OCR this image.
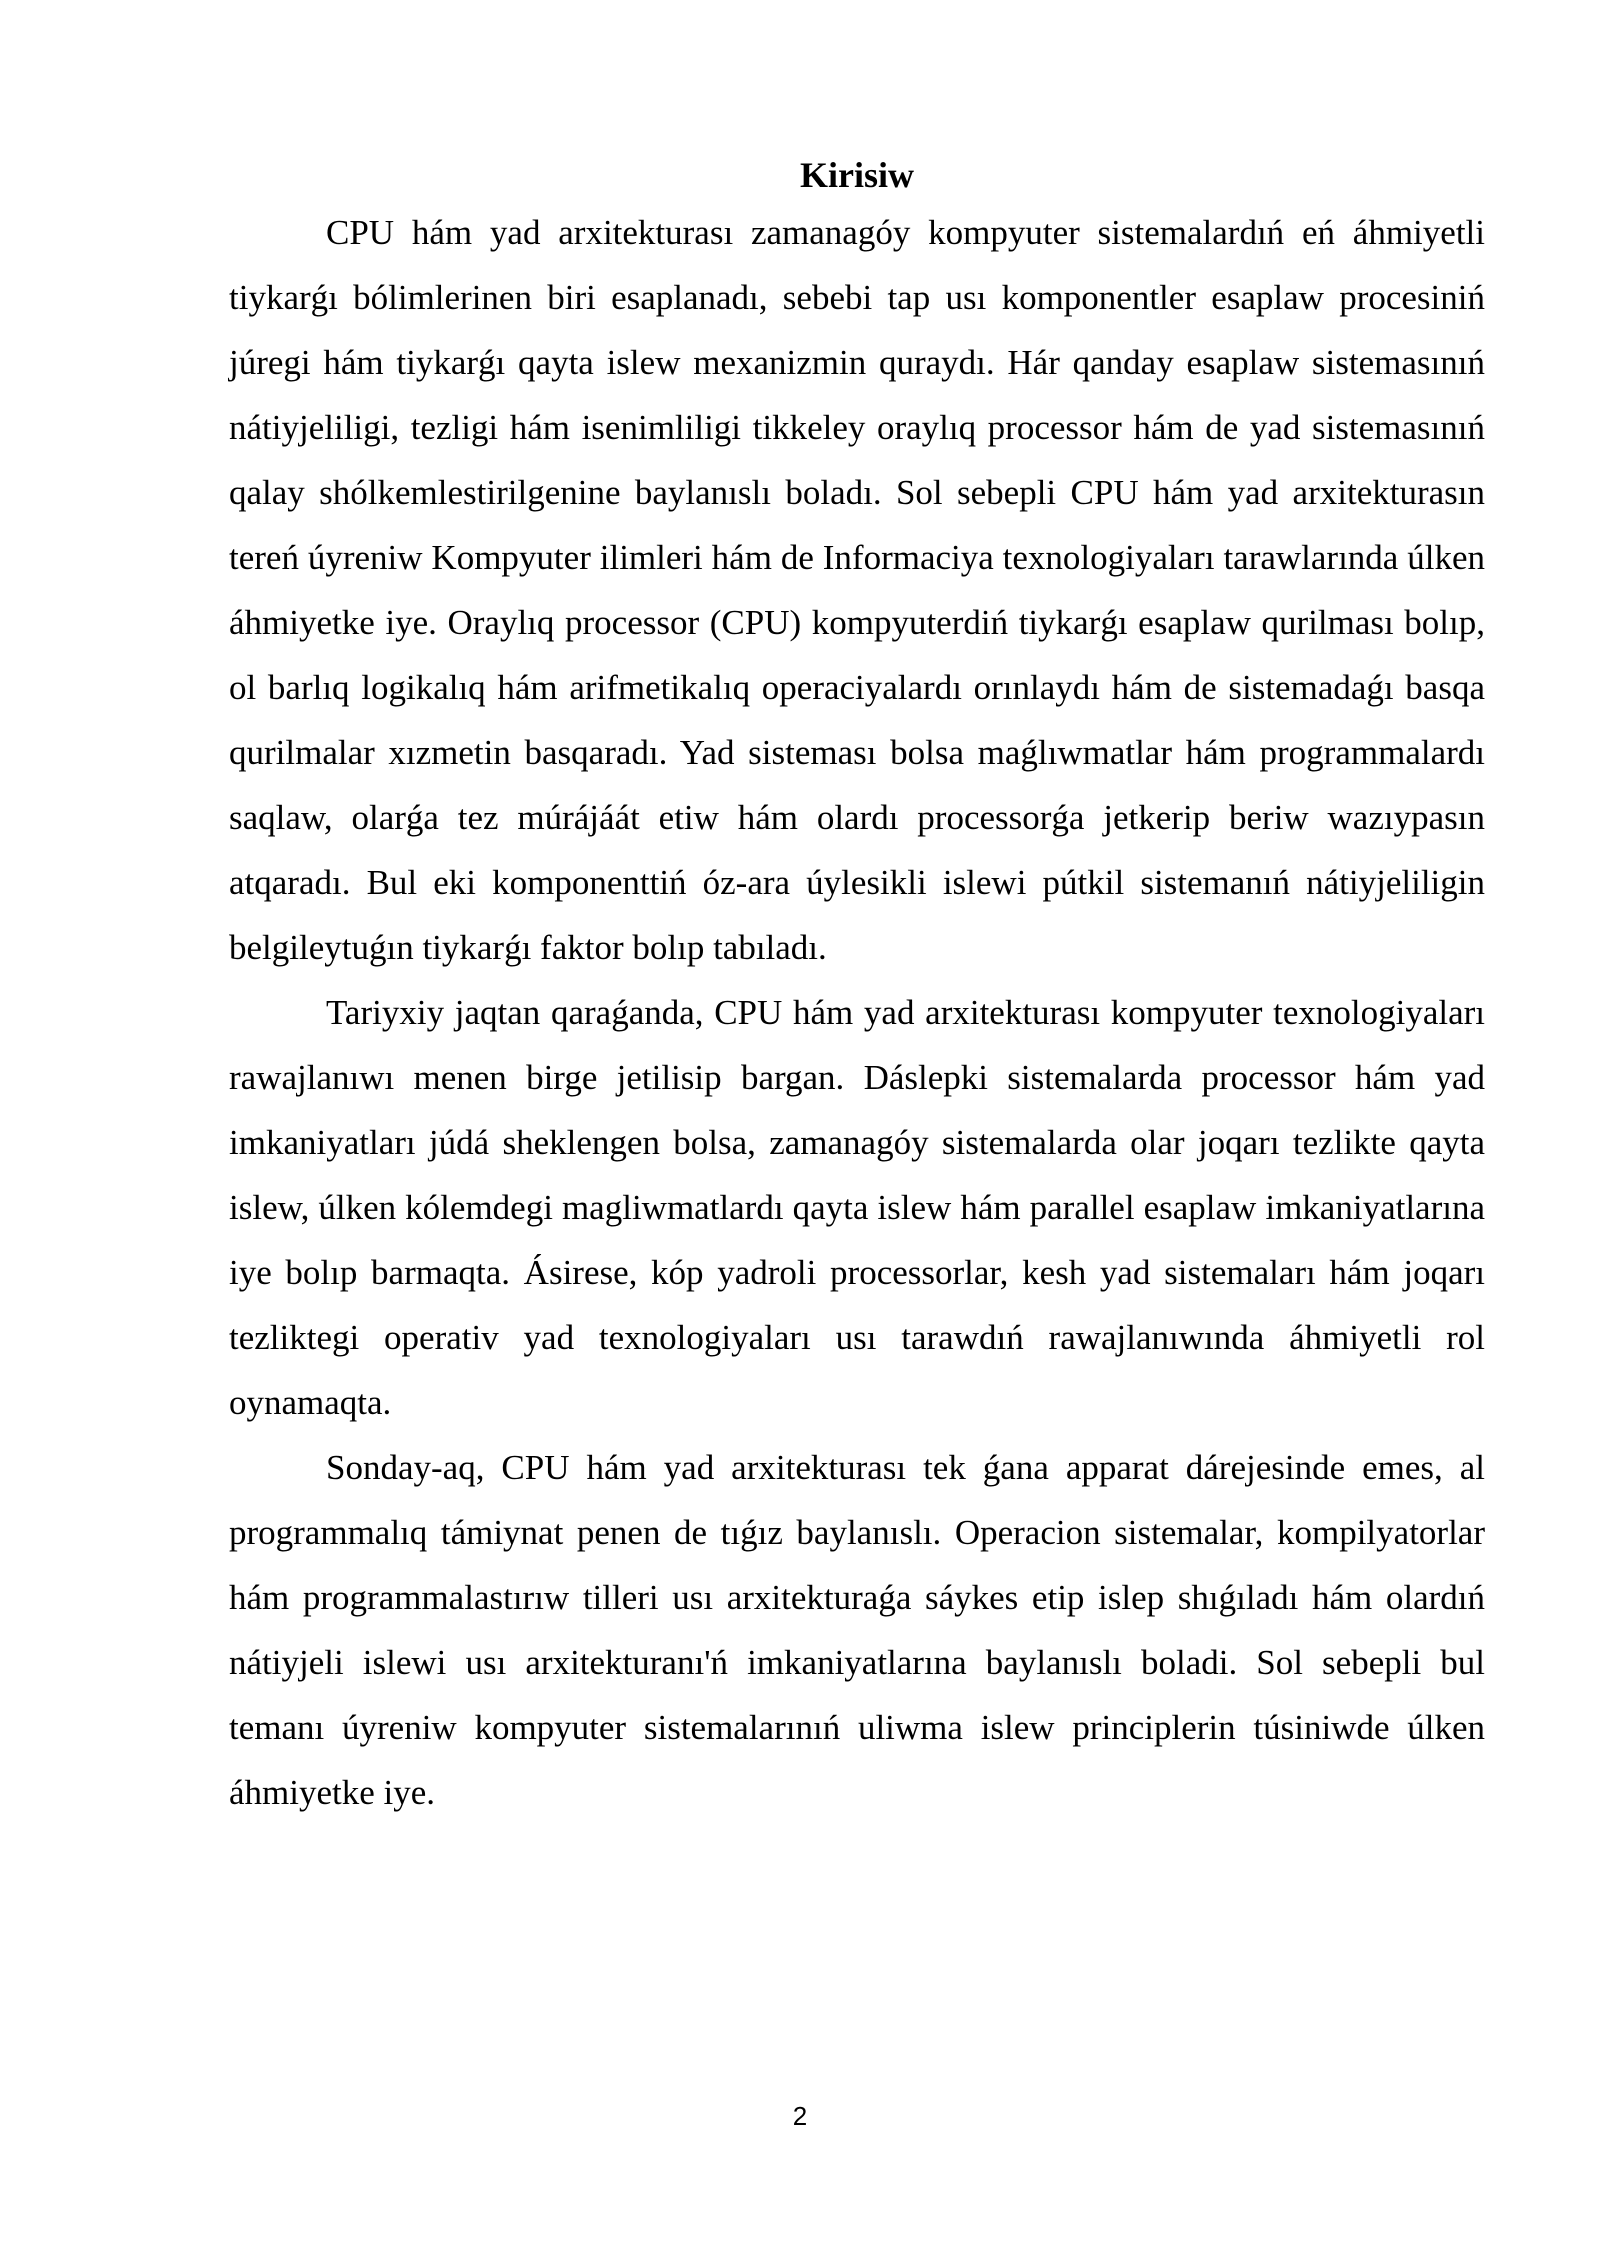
Kirisiw

CPU hám yad arxitekturası zamanagóy kompyuter sistemalardıń eń áhmiyetli tiykarǵı bólimlerinen biri esaplanadı, sebebi tap usı komponentler esaplaw procesiniń júregi hám tiykarǵı qayta islew mexanizmin quraydı. Hár qanday esaplaw sistemasınıń nátiyjeliligi, tezligi hám isenimliligi tikkeley oraylıq processor hám de yad sistemasınıń qalay shólkemlestirilgenine baylanıslı boladı. Sol sebepli CPU hám yad arxitekturasın tereń úyreniw Kompyuter ilimleri hám de Informaciya texnologiyaları tarawlarında úlken áhmiyetke iye. Oraylıq processor (CPU) kompyuterdiń tiykarǵı esaplaw qurilması bolıp, ol barlıq logikalıq hám arifmetikalıq operaciyalardı orınlaydı hám de sistemadaǵı basqa qurilmalar xızmetin basqaradı. Yad sisteması bolsa maǵlıwmatlar hám programmalardı saqlaw, olarǵa tez múrájáát etiw hám olardı processorǵa jetkerip beriw wazıypasın atqaradı. Bul eki komponenttiń óz-ara úylesikli islewi pútkil sistemanıń nátiyjeliligin belgileytuǵın tiykarǵı faktor bolıp tabıladı.

Tariyxiy jaqtan qaraǵanda, CPU hám yad arxitekturası kompyuter texnologiyaları rawajlanıwı menen birge jetilisip bargan. Dáslepki sistemalarda processor hám yad imkaniyatları júdá sheklengen bolsa, zamanagóy sistemalarda olar joqarı tezlikte qayta islew, úlken kólemdegi magliwmatlardı qayta islew hám parallel esaplaw imkaniyatlarına iye bolıp barmaqta. Ásirese, kóp yadroli processorlar, kesh yad sistemaları hám joqarı tezliktegi operativ yad texnologiyaları usı tarawdıń rawajlanıwında áhmiyetli rol oynamaqta.

Sonday-aq, CPU hám yad arxitekturası tek ǵana apparat dárejesinde emes, al programmalıq támiynat penen de tıǵız baylanıslı. Operacion sistemalar, kompilyatorlar hám programmalastırıw tilleri usı arxitekturaǵa sáykes etip islep shıǵıladı hám olardıń nátiyjeli islewi usı arxitekturanı'ń imkaniyatlarına baylanıslı boladi. Sol sebepli bul temanı úyreniw kompyuter sistemalarınıń uliwma islew principlerin túsiniwde úlken áhmiyetke iye.

2
